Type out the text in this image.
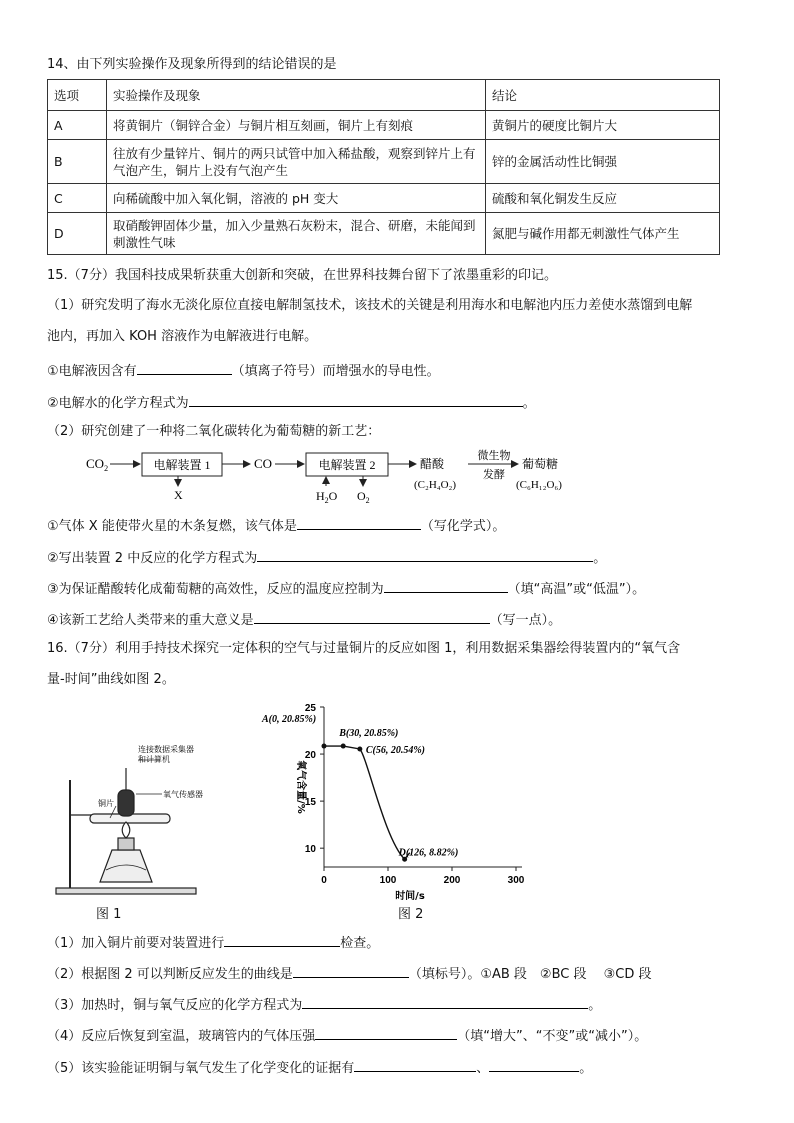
14、由下列实验操作及现象所得到的结论错误的是
选项	实验操作及现象	结论
A	将黄铜片（铜锌合金）与铜片相互刻画，铜片上有刻痕	黄铜片的硬度比铜片大
B	往放有少量锌片、铜片的两只试管中加入稀盐酸，观察到锌片上有气泡产生，铜片上没有气泡产生	锌的金属活动性比铜强
C	向稀硫酸中加入氧化铜，溶液的 pH 变大	硫酸和氧化铜发生反应
D	取硝酸钾固体少量，加入少量熟石灰粉末，混合、研磨，未能闻到刺激性气味	氮肥与碱作用都无刺激性气体产生
15.（7分）我国科技成果斩获重大创新和突破，在世界科技舞台留下了浓墨重彩的印记。
（1）研究发明了海水无淡化原位直接电解制氢技术，该技术的关键是利用海水和电解池内压力差使水蒸馏到电解
池内，再加入 KOH 溶液作为电解液进行电解。
①电解液因含有	（填离子符号）而增强水的导电性。
②电解水的化学方程式为	。
（2）研究创建了一种将二氧化碳转化为葡萄糖的新工艺：
$CO_2$	电解装置 1
X
CO	电解装置 2
$H_2O$ $O_2$
醋酸
(C₂H₄O₂)
微生物
发酵
葡萄糖
(C₆H₁₂O₆)
①气体 X 能使带火星的木条复燃，该气体是	（写化学式）。
②写出装置 2 中反应的化学方程式为	。
③为保证醋酸转化成葡萄糖的高效性，反应的温度应控制为	（填“高温”或“低温”）。
④该新工艺给人类带来的重大意义是	（写一点）。
16.（7分）利用手持技术探究一定体积的空气与过量铜片的反应如图 1，利用数据采集器绘得装置内的“氧气含
量-时间”曲线如图 2。
连接数据采集器
和计算机
氧气传感器
铜片
图 1
10
15
20
25
0	100	200	300
时间/s
氧气含量/%
A(0, 20.85%)
B(30, 20.85%)
C(56, 20.54%)
D(126, 8.82%)
图 2
（1）加入铜片前要对装置进行	检查。
（2）根据图 2 可以判断反应发生的曲线是	（填标号）。①AB 段　②BC 段　 ③CD 段
（3）加热时，铜与氧气反应的化学方程式为	。
（4）反应后恢复到室温，玻璃管内的气体压强	（填“增大”、“不变”或“减小”）。
（5）该实验能证明铜与氧气发生了化学变化的证据有	、	。
